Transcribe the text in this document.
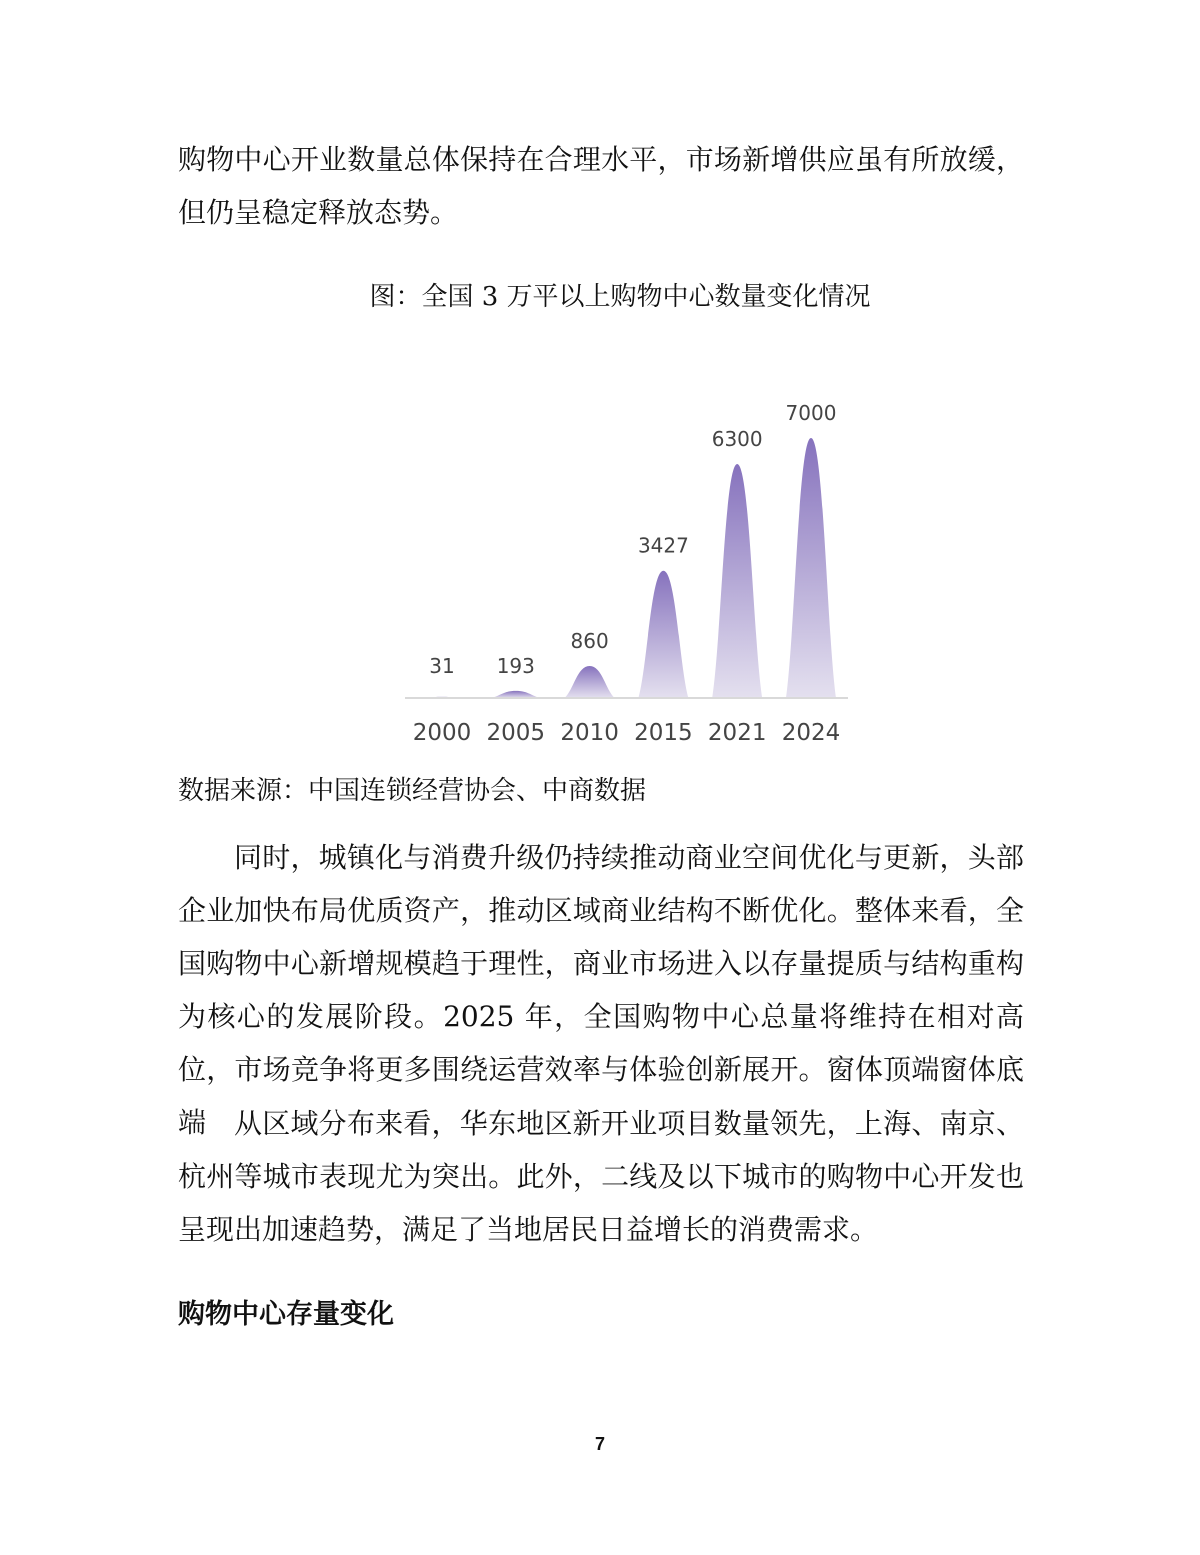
购物中心开业数量总体保持在合理水平，市场新增供应虽有所放缓，但仍呈稳定释放态势。

图：全国 3 万平以上购物中心数量变化情况
31
2000
193
2005
860
2010
3427
2015
6300
2021
7000
2024
数据来源：中国连锁经营协会、中商数据

同时，城镇化与消费升级仍持续推动商业空间优化与更新，头部企业加快布局优质资产，推动区域商业结构不断优化。整体来看，全国购物中心新增规模趋于理性，商业市场进入以存量提质与结构重构为核心的发展阶段。2025 年，全国购物中心总量将维持在相对高位，市场竞争将更多围绕运营效率与体验创新展开。窗体顶端窗体底端 从区域分布来看，华东地区新开业项目数量领先，上海、南京、杭州等城市表现尤为突出。此外，二线及以下城市的购物中心开发也呈现出加速趋势，满足了当地居民日益增长的消费需求。

购物中心存量变化
7
